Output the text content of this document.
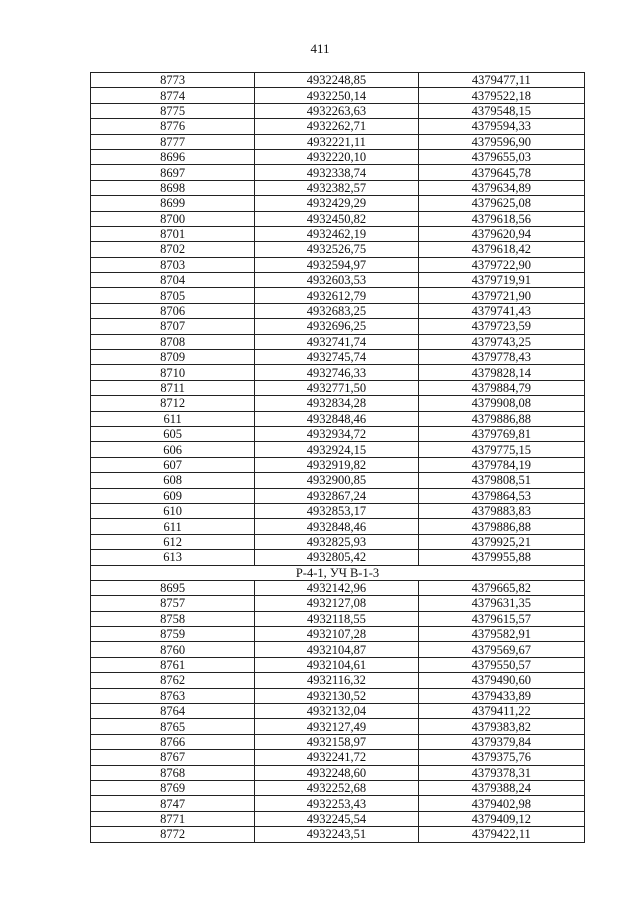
411
8773	4932248,85	4379477,11
8774	4932250,14	4379522,18
8775	4932263,63	4379548,15
8776	4932262,71	4379594,33
8777	4932221,11	4379596,90
8696	4932220,10	4379655,03
8697	4932338,74	4379645,78
8698	4932382,57	4379634,89
8699	4932429,29	4379625,08
8700	4932450,82	4379618,56
8701	4932462,19	4379620,94
8702	4932526,75	4379618,42
8703	4932594,97	4379722,90
8704	4932603,53	4379719,91
8705	4932612,79	4379721,90
8706	4932683,25	4379741,43
8707	4932696,25	4379723,59
8708	4932741,74	4379743,25
8709	4932745,74	4379778,43
8710	4932746,33	4379828,14
8711	4932771,50	4379884,79
8712	4932834,28	4379908,08
611	4932848,46	4379886,88
605	4932934,72	4379769,81
606	4932924,15	4379775,15
607	4932919,82	4379784,19
608	4932900,85	4379808,51
609	4932867,24	4379864,53
610	4932853,17	4379883,83
611	4932848,46	4379886,88
612	4932825,93	4379925,21
613	4932805,42	4379955,88
Р-4-1, УЧ В-1-3		
8695	4932142,96	4379665,82
8757	4932127,08	4379631,35
8758	4932118,55	4379615,57
8759	4932107,28	4379582,91
8760	4932104,87	4379569,67
8761	4932104,61	4379550,57
8762	4932116,32	4379490,60
8763	4932130,52	4379433,89
8764	4932132,04	4379411,22
8765	4932127,49	4379383,82
8766	4932158,97	4379379,84
8767	4932241,72	4379375,76
8768	4932248,60	4379378,31
8769	4932252,68	4379388,24
8747	4932253,43	4379402,98
8771	4932245,54	4379409,12
8772	4932243,51	4379422,11
